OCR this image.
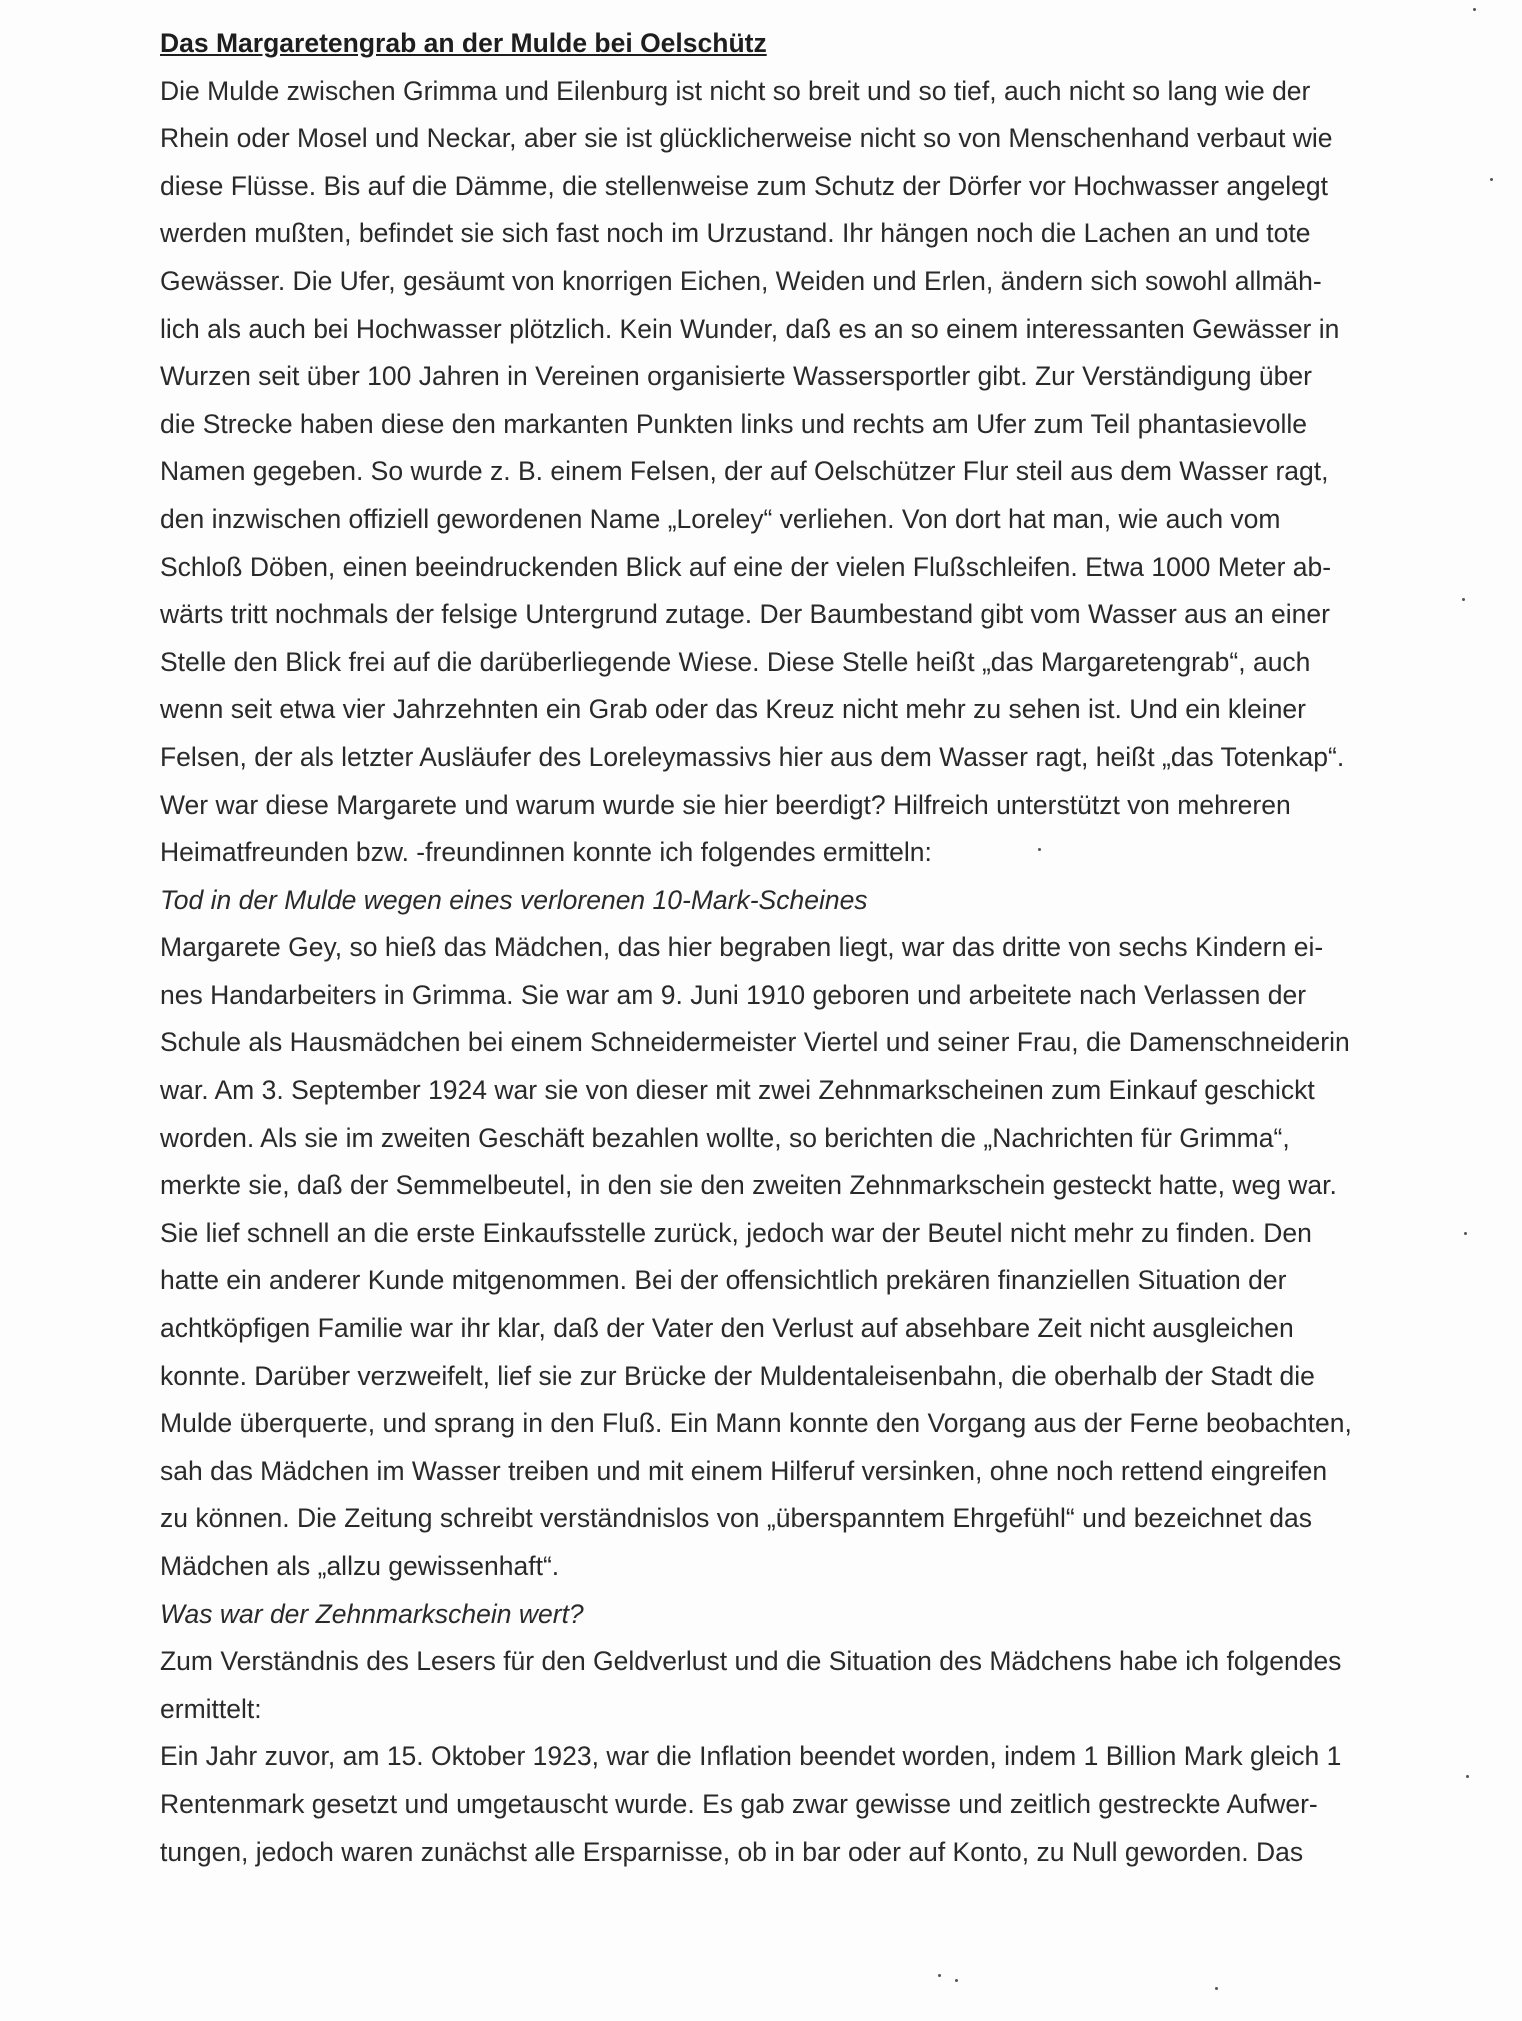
Das Margaretengrab an der Mulde bei Oelschütz
Die Mulde zwischen Grimma und Eilenburg ist nicht so breit und so tief, auch nicht so lang wie der
Rhein oder Mosel und Neckar, aber sie ist glücklicherweise nicht so von Menschenhand verbaut wie
diese Flüsse. Bis auf die Dämme, die stellenweise zum Schutz der Dörfer vor Hochwasser angelegt
werden mußten, befindet sie sich fast noch im Urzustand. Ihr hängen noch die Lachen an und tote
Gewässer. Die Ufer, gesäumt von knorrigen Eichen, Weiden und Erlen, ändern sich sowohl allmäh-
lich als auch bei Hochwasser plötzlich. Kein Wunder, daß es an so einem interessanten Gewässer in
Wurzen seit über 100 Jahren in Vereinen organisierte Wassersportler gibt. Zur Verständigung über
die Strecke haben diese den markanten Punkten links und rechts am Ufer zum Teil phantasievolle
Namen gegeben. So wurde z. B. einem Felsen, der auf Oelschützer Flur steil aus dem Wasser ragt,
den inzwischen offiziell gewordenen Name „Loreley“ verliehen. Von dort hat man, wie auch vom
Schloß Döben, einen beeindruckenden Blick auf eine der vielen Flußschleifen. Etwa 1000 Meter ab-
wärts tritt nochmals der felsige Untergrund zutage. Der Baumbestand gibt vom Wasser aus an einer
Stelle den Blick frei auf die darüberliegende Wiese. Diese Stelle heißt „das Margaretengrab“, auch
wenn seit etwa vier Jahrzehnten ein Grab oder das Kreuz nicht mehr zu sehen ist. Und ein kleiner
Felsen, der als letzter Ausläufer des Loreleymassivs hier aus dem Wasser ragt, heißt „das Totenkap“.
Wer war diese Margarete und warum wurde sie hier beerdigt? Hilfreich unterstützt von mehreren
Heimatfreunden bzw. -freundinnen konnte ich folgendes ermitteln:
Tod in der Mulde wegen eines verlorenen 10-Mark-Scheines
Margarete Gey, so hieß das Mädchen, das hier begraben liegt, war das dritte von sechs Kindern ei-
nes Handarbeiters in Grimma. Sie war am 9. Juni 1910 geboren und arbeitete nach Verlassen der
Schule als Hausmädchen bei einem Schneidermeister Viertel und seiner Frau, die Damenschneiderin
war. Am 3. September 1924 war sie von dieser mit zwei Zehnmarkscheinen zum Einkauf geschickt
worden. Als sie im zweiten Geschäft bezahlen wollte, so berichten die „Nachrichten für Grimma“,
merkte sie, daß der Semmelbeutel, in den sie den zweiten Zehnmarkschein gesteckt hatte, weg war.
Sie lief schnell an die erste Einkaufsstelle zurück, jedoch war der Beutel nicht mehr zu finden. Den
hatte ein anderer Kunde mitgenommen. Bei der offensichtlich prekären finanziellen Situation der
achtköpfigen Familie war ihr klar, daß der Vater den Verlust auf absehbare Zeit nicht ausgleichen
konnte. Darüber verzweifelt, lief sie zur Brücke der Muldentaleisenbahn, die oberhalb der Stadt die
Mulde überquerte, und sprang in den Fluß. Ein Mann konnte den Vorgang aus der Ferne beobachten,
sah das Mädchen im Wasser treiben und mit einem Hilferuf versinken, ohne noch rettend eingreifen
zu können. Die Zeitung schreibt verständnislos von „überspanntem Ehrgefühl“ und bezeichnet das
Mädchen als „allzu gewissenhaft“.
Was war der Zehnmarkschein wert?
Zum Verständnis des Lesers für den Geldverlust und die Situation des Mädchens habe ich folgendes
ermittelt:
Ein Jahr zuvor, am 15. Oktober 1923, war die Inflation beendet worden, indem 1 Billion Mark gleich 1
Rentenmark gesetzt und umgetauscht wurde. Es gab zwar gewisse und zeitlich gestreckte Aufwer-
tungen, jedoch waren zunächst alle Ersparnisse, ob in bar oder auf Konto, zu Null geworden. Das
